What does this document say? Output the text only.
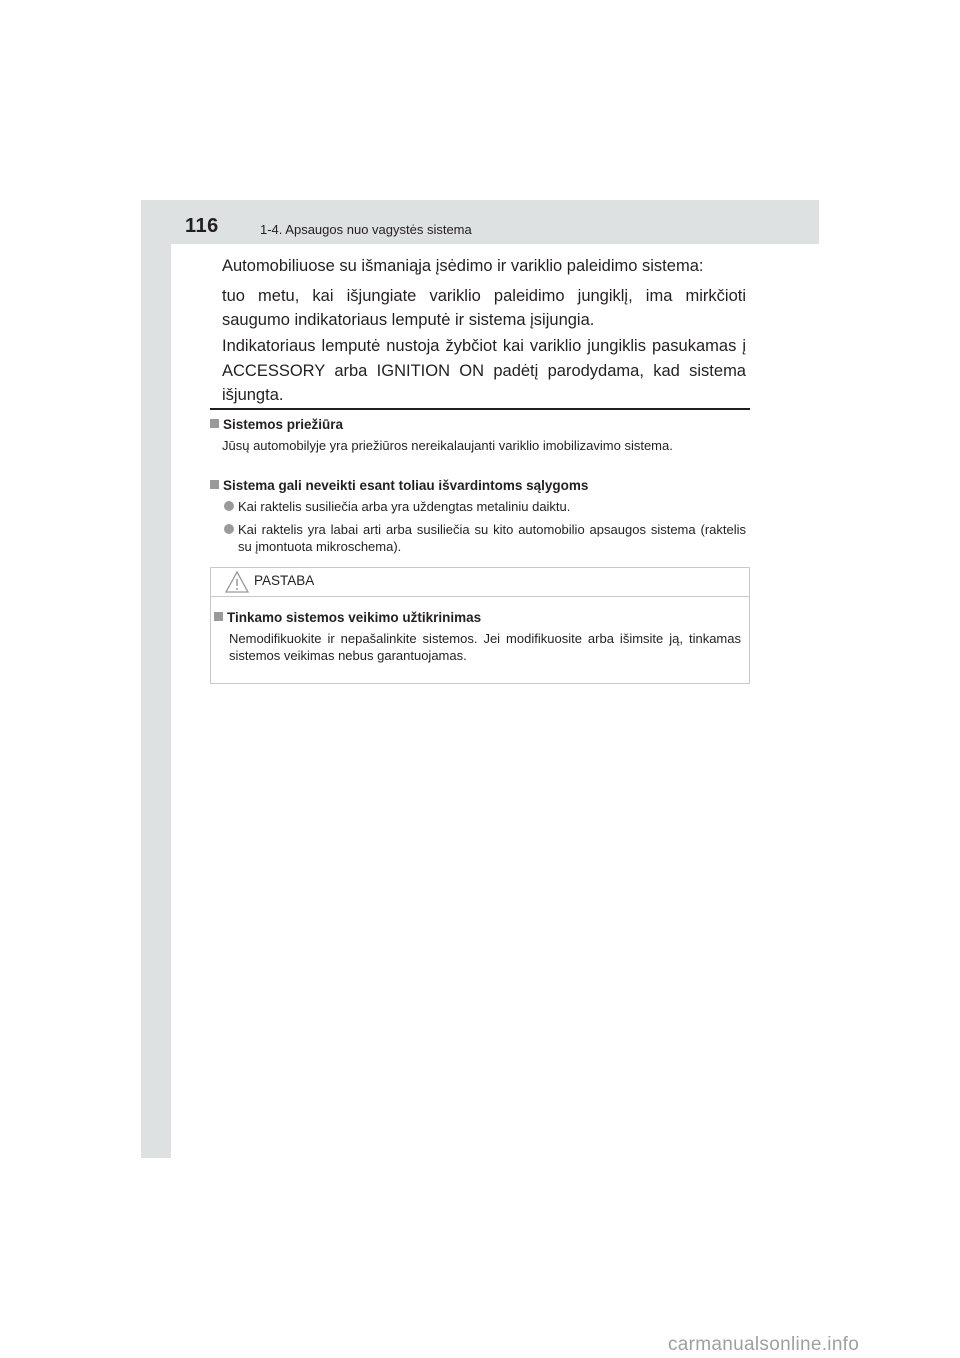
116	1-4. Apsaugos nuo vagystės sistema
Automobiliuose su išmaniąja įsėdimo ir variklio paleidimo sistema:
tuo metu, kai išjungiate variklio paleidimo jungiklį, ima mirkčioti
saugumo indikatoriaus lemputė ir sistema įsijungia.
Indikatoriaus lemputė nustoja žybčiot kai variklio jungiklis pasukamas į ACCESSORY arba IGNITION ON padėtį parodydama, kad sistema išjungta.
Sistemos priežiūra
Jūsų automobilyje yra priežiūros nereikalaujanti variklio imobilizavimo sistema.
Sistema gali neveikti esant toliau išvardintoms sąlygoms
Kai raktelis susiliečia arba yra uždengtas metaliniu daiktu.
Kai raktelis yra labai arti arba susiliečia su kito automobilio apsaugos sistema (raktelis su įmontuota mikroschema).
PASTABA
Tinkamo sistemos veikimo užtikrinimas
Nemodifikuokite ir nepašalinkite sistemos. Jei modifikuosite arba išimsite ją, tinkamas sistemos veikimas nebus garantuojamas.
carmanualsonline.info
